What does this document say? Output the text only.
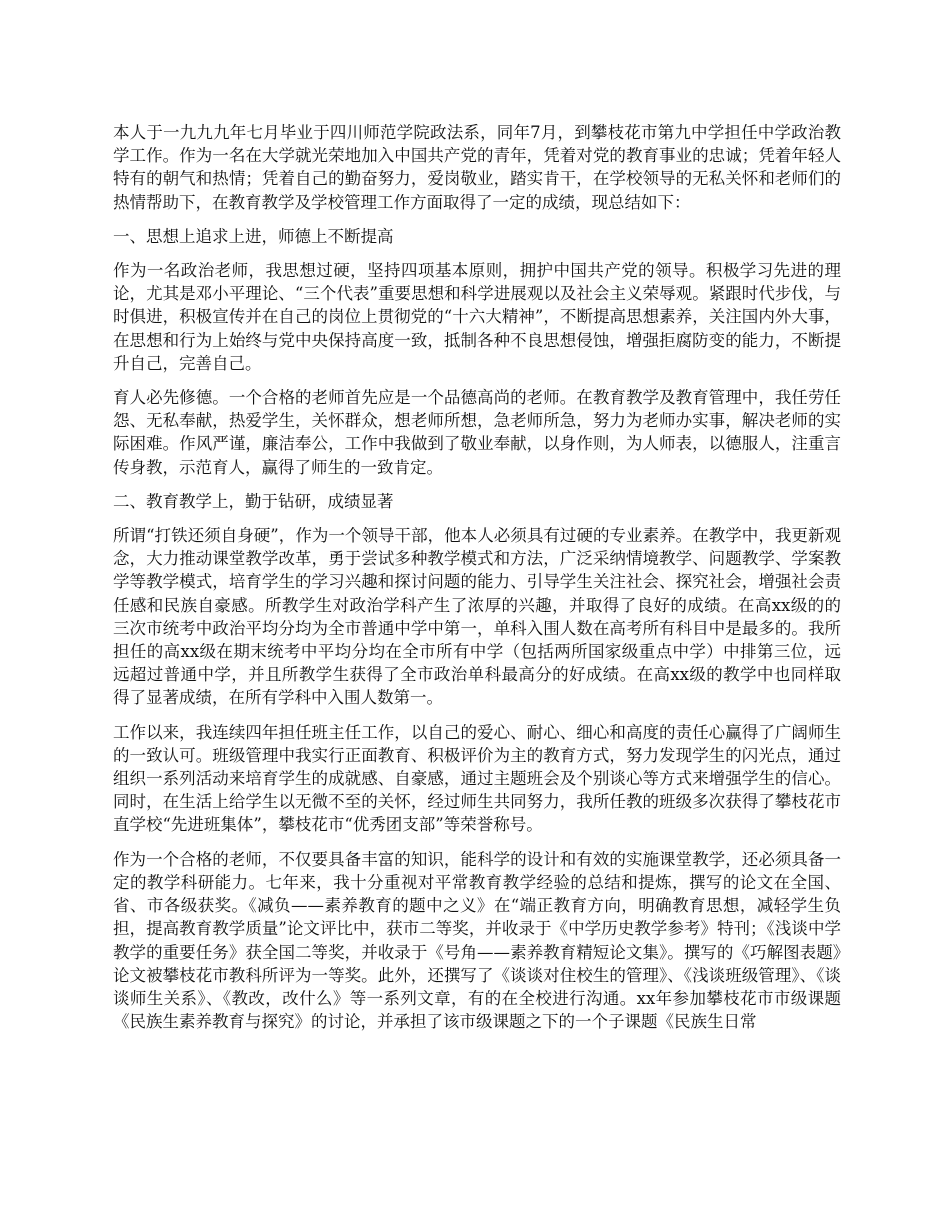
本人于一九九九年七月毕业于四川师范学院政法系，同年7月，到攀枝花市第九中学担任中学政治教学工作。作为一名在大学就光荣地加入中国共产党的青年，凭着对党的教育事业的忠诚；凭着年轻人特有的朝气和热情；凭着自己的勤奋努力，爱岗敬业，踏实肯干，在学校领导的无私关怀和老师们的热情帮助下，在教育教学及学校管理工作方面取得了一定的成绩，现总结如下：

一、思想上追求上进，师德上不断提高

作为一名政治老师，我思想过硬，坚持四项基本原则，拥护中国共产党的领导。积极学习先进的理论，尤其是邓小平理论、“三个代表”重要思想和科学进展观以及社会主义荣辱观。紧跟时代步伐，与时俱进，积极宣传并在自己的岗位上贯彻党的“十六大精神”，不断提高思想素养，关注国内外大事，在思想和行为上始终与党中央保持高度一致，抵制各种不良思想侵蚀，增强拒腐防变的能力，不断提升自己，完善自己。

育人必先修德。一个合格的老师首先应是一个品德高尚的老师。在教育教学及教育管理中，我任劳任怨、无私奉献，热爱学生，关怀群众，想老师所想，急老师所急，努力为老师办实事，解决老师的实际困难。作风严谨，廉洁奉公，工作中我做到了敬业奉献，以身作则，为人师表，以德服人，注重言传身教，示范育人，赢得了师生的一致肯定。

二、教育教学上，勤于钻研，成绩显著

所谓“打铁还须自身硬”，作为一个领导干部，他本人必须具有过硬的专业素养。在教学中，我更新观念，大力推动课堂教学改革，勇于尝试多种教学模式和方法，广泛采纳情境教学、问题教学、学案教学等教学模式，培育学生的学习兴趣和探讨问题的能力、引导学生关注社会、探究社会，增强社会责任感和民族自豪感。所教学生对政治学科产生了浓厚的兴趣，并取得了良好的成绩。在高xx级的的三次市统考中政治平均分均为全市普通中学中第一，单科入围人数在高考所有科目中是最多的。我所担任的高xx级在期末统考中平均分均在全市所有中学（包括两所国家级重点中学）中排第三位，远远超过普通中学，并且所教学生获得了全市政治单科最高分的好成绩。在高xx级的教学中也同样取得了显著成绩，在所有学科中入围人数第一。

工作以来，我连续四年担任班主任工作，以自己的爱心、耐心、细心和高度的责任心赢得了广阔师生的一致认可。班级管理中我实行正面教育、积极评价为主的教育方式，努力发现学生的闪光点，通过组织一系列活动来培育学生的成就感、自豪感，通过主题班会及个别谈心等方式来增强学生的信心。同时，在生活上给学生以无微不至的关怀，经过师生共同努力，我所任教的班级多次获得了攀枝花市直学校“先进班集体”，攀枝花市“优秀团支部”等荣誉称号。

作为一个合格的老师，不仅要具备丰富的知识，能科学的设计和有效的实施课堂教学，还必须具备一定的教学科研能力。七年来，我十分重视对平常教育教学经验的总结和提炼，撰写的论文在全国、省、市各级获奖。《减负——素养教育的题中之义》在“端正教育方向，明确教育思想，减轻学生负担，提高教育教学质量”论文评比中，获市二等奖，并收录于《中学历史教学参考》特刊；《浅谈中学教学的重要任务》获全国二等奖，并收录于《号角——素养教育精短论文集》。撰写的《巧解图表题》论文被攀枝花市教科所评为一等奖。此外，还撰写了《谈谈对住校生的管理》、《浅谈班级管理》、《谈谈师生关系》、《教改，改什么》等一系列文章，有的在全校进行沟通。xx年参加攀枝花市市级课题《民族生素养教育与探究》的讨论，并承担了该市级课题之下的一个子课题《民族生日常
